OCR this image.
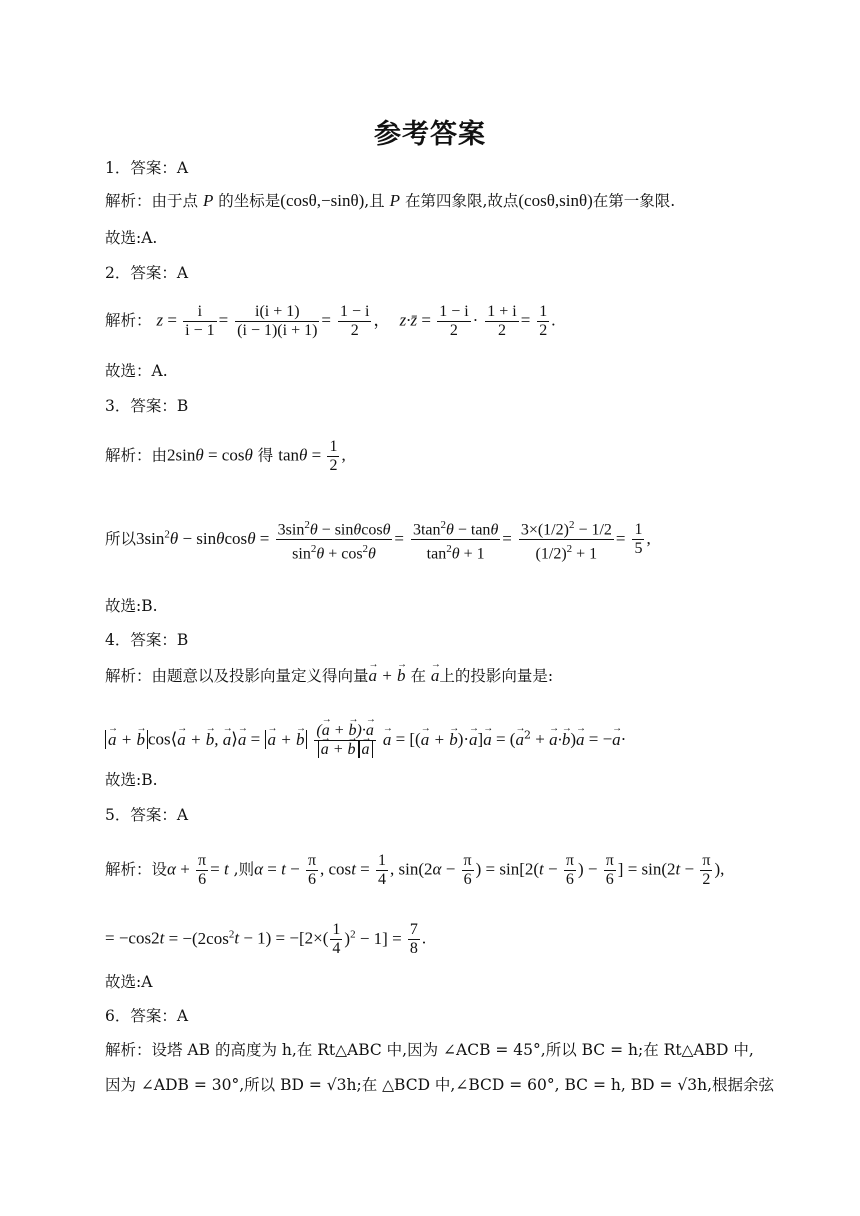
参考答案
1．答案：A
解析：由于点 P 的坐标是(cosθ,−sinθ),且 P 在第四象限,故点(cosθ,sinθ)在第一象限.
故选:A.
2．答案：A
解析： $z = \frac{i}{i - 1} = \frac{i(i + 1)}{(i - 1)(i + 1)} = \frac{1 - i}{2}$ ，  z·z̄ = $\frac{1 - i}{2} \cdot \frac{1 + i}{2} = \frac{1}{2}$ .
故选：A.
3．答案：B
解析：由2sinθ = cosθ 得 $\tan\theta = \frac{1}{2}$ ,
所以$3\sin^2\theta - \sin\theta\cos\theta = \frac{3\sin^2\theta - \sin\theta\cos\theta}{\sin^2\theta + \cos^2\theta} = \frac{3\tan^2\theta - \tan\theta}{\tan^2\theta + 1} = \frac{3\times(1/2)^2 - 1/2}{(1/2)^2 + 1} = \frac{1}{5}$ ,
故选:B.
4．答案：B
解析：由题意以及投影向量定义得向量→ a + → b 在 → a上的投影向量是:
→ a + → b cos⟨→ a + → b, → a⟩→ a = → a + → b (→ a + → b)·→ a
→ a + → b → a → a = [(→ a + → b)·→ a]→ a = (→ $a^2$ + → a·→ b)→ a = −→ a·
故选:B.
5．答案：A
解析：设$\alpha + \frac{\pi}{6} = t$ ,则$\alpha = t - \frac{\pi}{6}$ , $\cos t = \frac{1}{4}$ , $\sin(2\alpha - \frac{\pi}{6}$ ) = $\sin[2(t - \frac{\pi}{6}$ ) − $\frac{\pi}{6}$ ] = $\sin(2t - \frac{\pi}{2}$ ),
= $-\cos 2t = -(2\cos^2t - 1) = -[2\times( \frac{1}{4} )^2 - 1] = \frac{7}{8}$ .
故选:A
6．答案：A
解析：设塔 AB 的高度为 h,在 Rt△ABC 中,因为 ∠ACB = 45°,所以 BC = h;在 Rt△ABD 中,
因为 ∠ADB = 30°,所以 BD = √3h;在 △BCD 中,∠BCD = 60°, BC = h, BD = √3h,根据余弦
